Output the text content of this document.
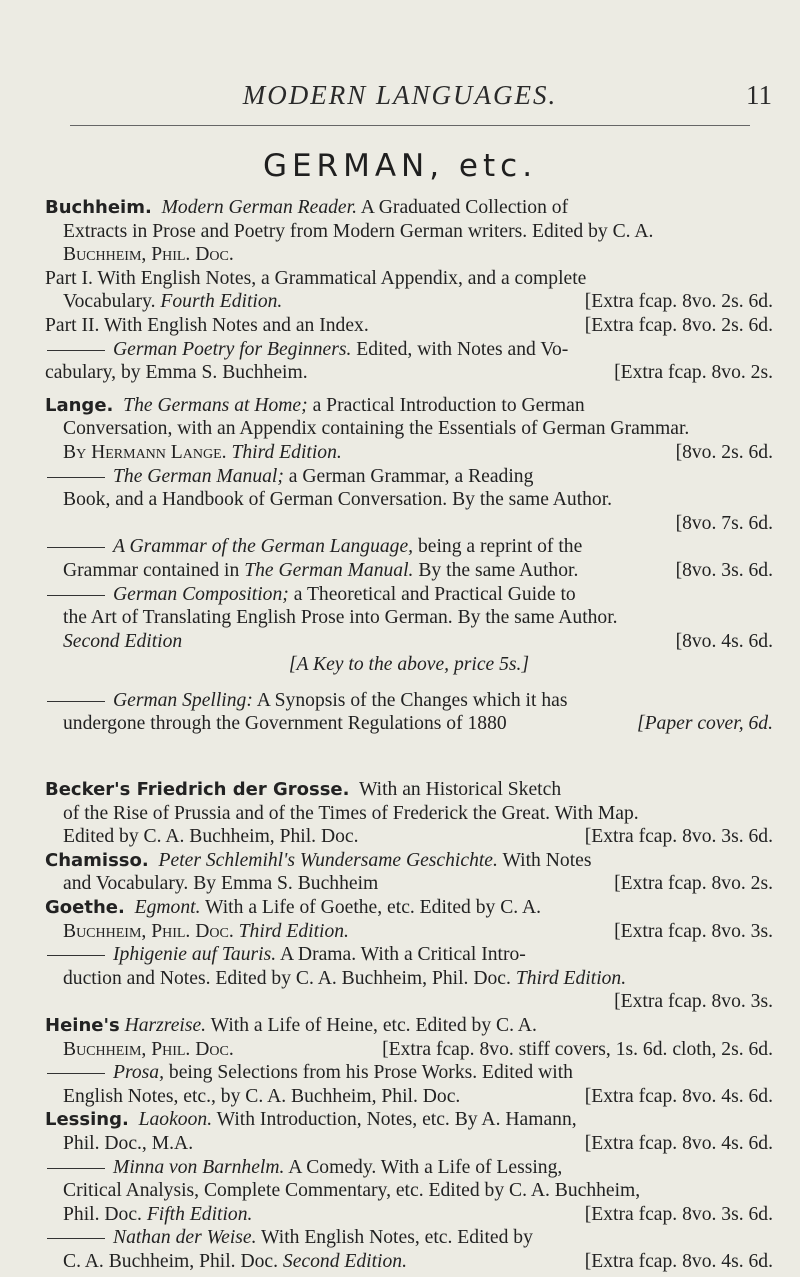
MODERN LANGUAGES.	11
GERMAN, etc.
Buchheim. Modern German Reader. A Graduated Collection of
Extracts in Prose and Poetry from Modern German writers. Edited by C. A.
Buchheim, Phil. Doc.
Part I. With English Notes, a Grammatical Appendix, and a complete
Vocabulary. Fourth Edition.	[Extra fcap. 8vo. 2s. 6d.
Part II. With English Notes and an Index.	[Extra fcap. 8vo. 2s. 6d.
German Poetry for Beginners. Edited, with Notes and Vo-
cabulary, by Emma S. Buchheim.	[Extra fcap. 8vo. 2s.
Lange. The Germans at Home; a Practical Introduction to German
Conversation, with an Appendix containing the Essentials of German Grammar.
By Hermann Lange. Third Edition.	[8vo. 2s. 6d.
The German Manual; a German Grammar, a Reading
Book, and a Handbook of German Conversation. By the same Author.
[8vo. 7s. 6d.
A Grammar of the German Language, being a reprint of the
Grammar contained in The German Manual. By the same Author.	[8vo. 3s. 6d.
German Composition; a Theoretical and Practical Guide to
the Art of Translating English Prose into German. By the same Author.
Second Edition	[8vo. 4s. 6d.
[A Key to the above, price 5s.]
German Spelling: A Synopsis of the Changes which it has
undergone through the Government Regulations of 1880	[Paper cover, 6d.
Becker's Friedrich der Grosse. With an Historical Sketch
of the Rise of Prussia and of the Times of Frederick the Great. With Map.
Edited by C. A. Buchheim, Phil. Doc.	[Extra fcap. 8vo. 3s. 6d.
Chamisso. Peter Schlemihl's Wundersame Geschichte. With Notes
and Vocabulary. By Emma S. Buchheim	[Extra fcap. 8vo. 2s.
Goethe. Egmont. With a Life of Goethe, etc. Edited by C. A.
Buchheim, Phil. Doc. Third Edition.	[Extra fcap. 8vo. 3s.
Iphigenie auf Tauris. A Drama. With a Critical Intro-
duction and Notes. Edited by C. A. Buchheim, Phil. Doc. Third Edition.
[Extra fcap. 8vo. 3s.
Heine's Harzreise. With a Life of Heine, etc. Edited by C. A.
Buchheim, Phil. Doc.	[Extra fcap. 8vo. stiff covers, 1s. 6d. cloth, 2s. 6d.
Prosa, being Selections from his Prose Works. Edited with
English Notes, etc., by C. A. Buchheim, Phil. Doc.	[Extra fcap. 8vo. 4s. 6d.
Lessing. Laokoon. With Introduction, Notes, etc. By A. Hamann,
Phil. Doc., M.A.	[Extra fcap. 8vo. 4s. 6d.
Minna von Barnhelm. A Comedy. With a Life of Lessing,
Critical Analysis, Complete Commentary, etc. Edited by C. A. Buchheim,
Phil. Doc. Fifth Edition.	[Extra fcap. 8vo. 3s. 6d.
Nathan der Weise. With English Notes, etc. Edited by
C. A. Buchheim, Phil. Doc. Second Edition.	[Extra fcap. 8vo. 4s. 6d.
